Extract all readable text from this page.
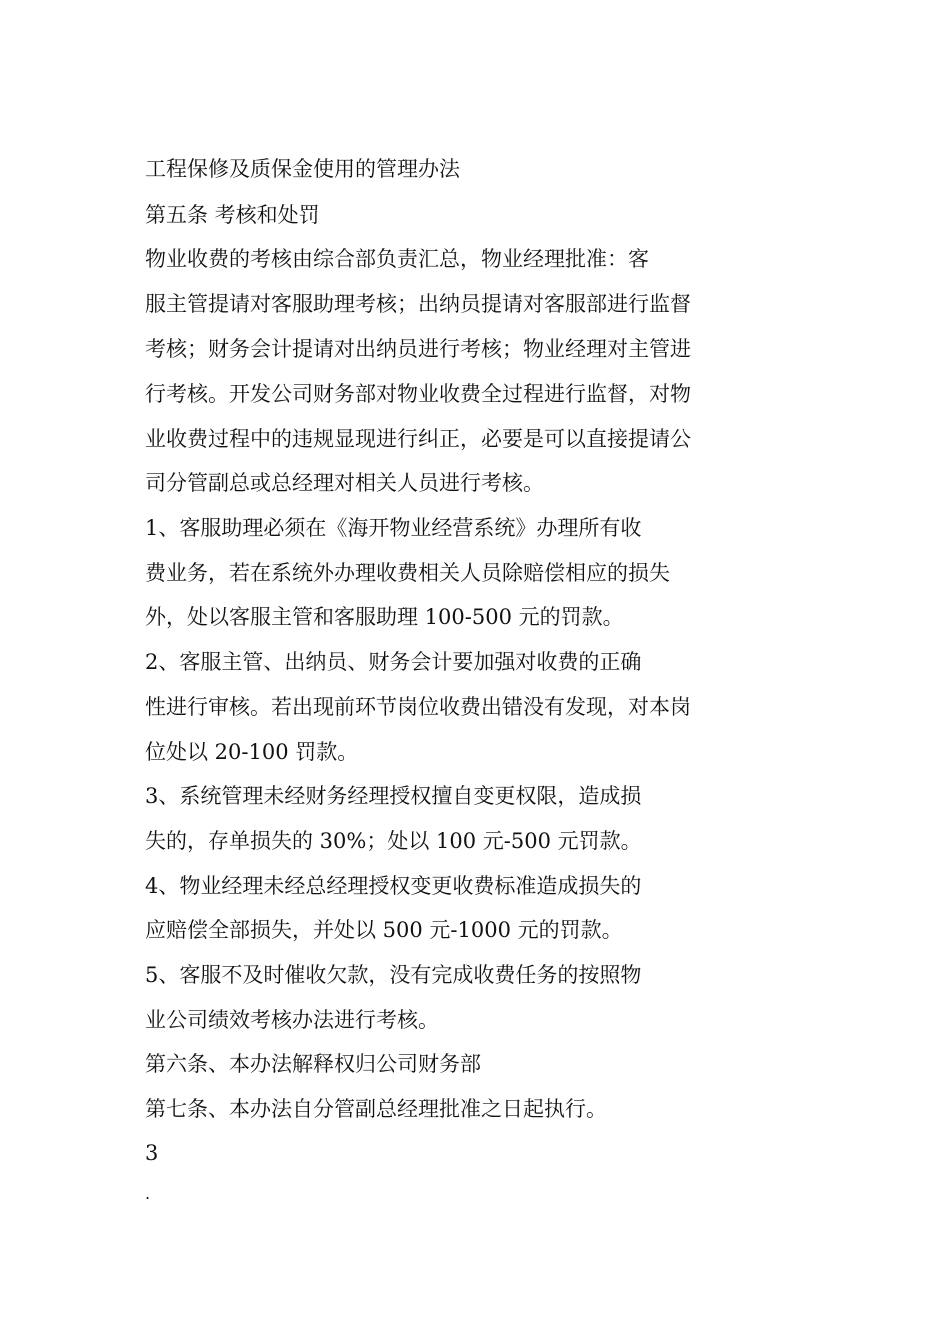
工程保修及质保金使用的管理办法
第五条 考核和处罚
物业收费的考核由综合部负责汇总，物业经理批准：客
服主管提请对客服助理考核；出纳员提请对客服部进行监督
考核；财务会计提请对出纳员进行考核；物业经理对主管进
行考核。开发公司财务部对物业收费全过程进行监督，对物
业收费过程中的违规显现进行纠正，必要是可以直接提请公
司分管副总或总经理对相关人员进行考核。
1、客服助理必须在《海开物业经营系统》办理所有收
费业务，若在系统外办理收费相关人员除赔偿相应的损失
外，处以客服主管和客服助理 100-500 元的罚款。
2、客服主管、出纳员、财务会计要加强对收费的正确
性进行审核。若出现前环节岗位收费出错没有发现，对本岗
位处以 20-100 罚款。
3、系统管理未经财务经理授权擅自变更权限，造成损
失的，存单损失的 30%；处以 100 元-500 元罚款。
4、物业经理未经总经理授权变更收费标准造成损失的
应赔偿全部损失，并处以 500 元-1000 元的罚款。
5、客服不及时催收欠款，没有完成收费任务的按照物
业公司绩效考核办法进行考核。
第六条、本办法解释权归公司财务部
第七条、本办法自分管副总经理批准之日起执行。
3
.
